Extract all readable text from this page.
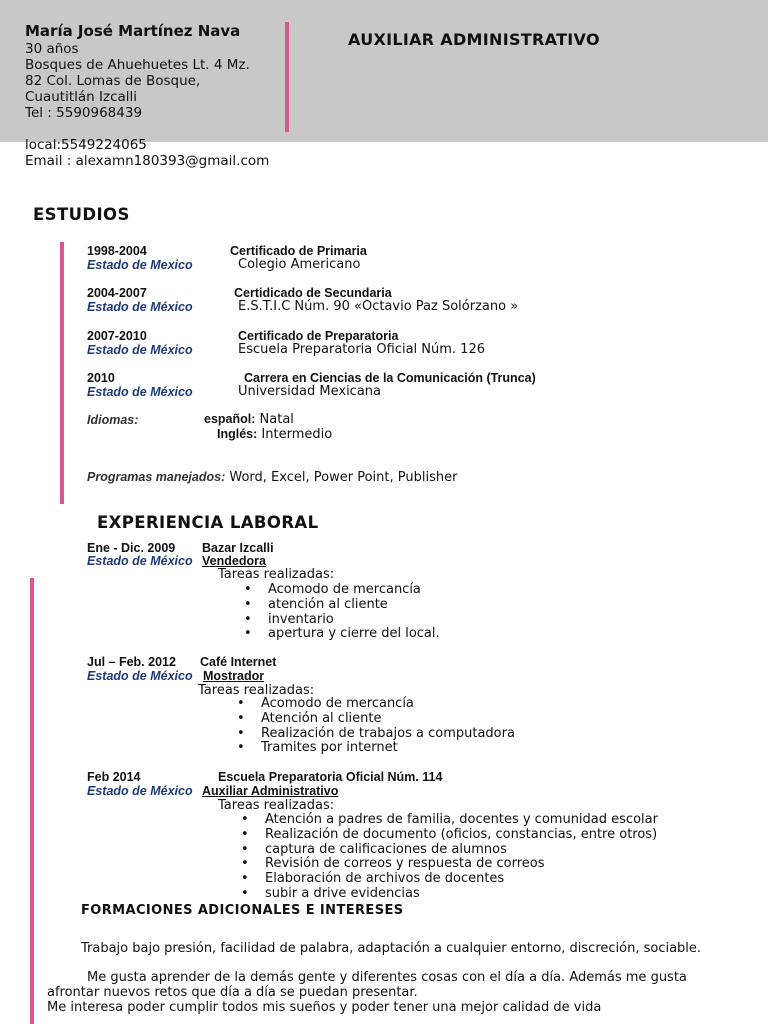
María José Martínez Nava
30 años
Bosques de Ahuehuetes Lt. 4 Mz.
82 Col. Lomas de Bosque,
Cuautitlán Izcalli
Tel : 5590968439
local:5549224065
Email : alexamn180393@gmail.com
AUXILIAR ADMINISTRATIVO
ESTUDIOS
1998-2004	Certificado de Primaria
Estado de Mexico	Colegio Americano
2004-2007	Certidicado de Secundaria
Estado de México	E.S.T.I.C Núm. 90 «Octavio Paz Solórzano »
2007-2010	Certificado de Preparatoria
Estado de México	Escuela Preparatoria Oficial Núm. 126
2010	Carrera en Ciencias de la Comunicación (Trunca)
Estado de México	Universidad Mexicana
Idiomas:	español: Natal
Inglés: Intermedio
Programas manejados: Word, Excel, Power Point, Publisher
EXPERIENCIA LABORAL
Ene - Dic. 2009 Bazar Izcalli
Estado de México Vendedora
Tareas realizadas:
• Acomodo de mercancía
• atención al cliente
• inventario
• apertura y cierre del local.
Jul – Feb. 2012 Café Internet
Estado de México Mostrador
Tareas realizadas:
• Acomodo de mercancía
• Atención al cliente
• Realización de trabajos a computadora
• Tramites por internet
Feb 2014	Escuela Preparatoria Oficial Núm. 114
Estado de México Auxiliar Administrativo
Tareas realizadas:
• Atención a padres de familia, docentes y comunidad escolar
• Realización de documento (oficios, constancias, entre otros)
• captura de calificaciones de alumnos
• Revisión de correos y respuesta de correos
• Elaboración de archivos de docentes
• subir a drive evidencias
FORMACIONES ADICIONALES E INTERESES
Trabajo bajo presión, facilidad de palabra, adaptación a cualquier entorno, discreción, sociable.
Me gusta aprender de la demás gente y diferentes cosas con el día a día. Además me gusta
afrontar nuevos retos que día a día se puedan presentar.
Me interesa poder cumplir todos mis sueños y poder tener una mejor calidad de vida
